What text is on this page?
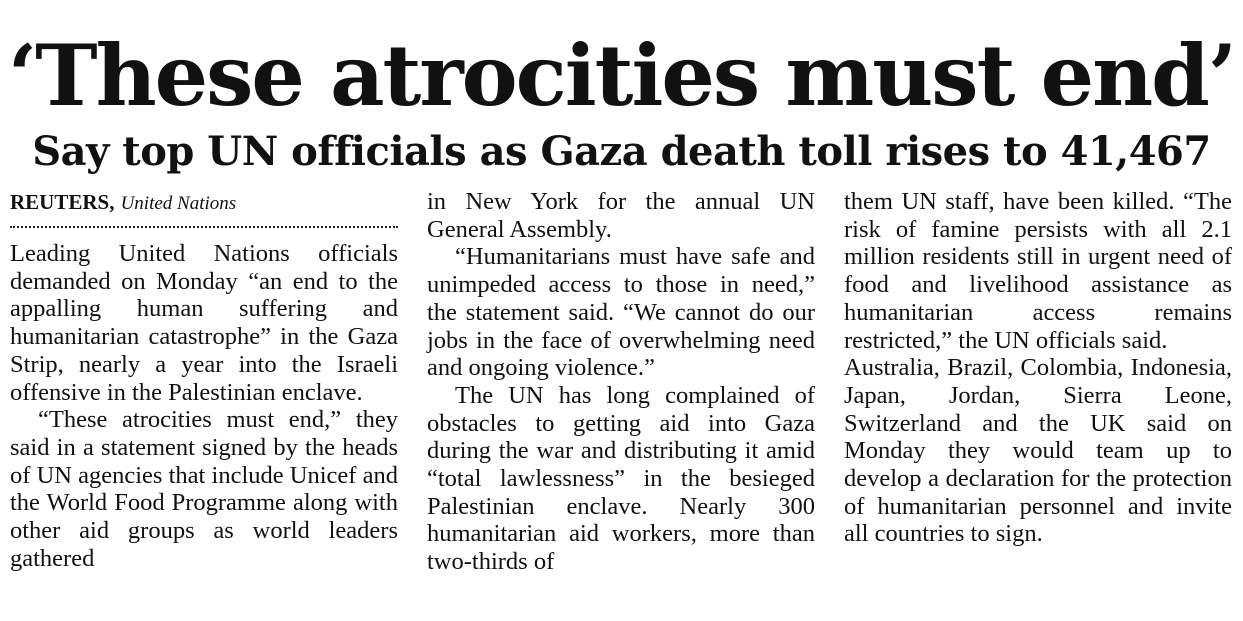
‘These atrocities must end’
Say top UN officials as Gaza death toll rises to 41,467
REUTERS, United Nations

Leading United Nations officials demanded on Monday “an end to the appalling human suffering and humanitarian catastrophe” in the Gaza Strip, nearly a year into the Israeli offensive in the Palestinian enclave.

“These atrocities must end,” they said in a statement signed by the heads of UN agencies that include Unicef and the World Food Programme along with other aid groups as world leaders gathered

in New York for the annual UN General Assembly.

“Humanitarians must have safe and unimpeded access to those in need,” the statement said. “We cannot do our jobs in the face of overwhelming need and ongoing violence.”

The UN has long complained of obstacles to getting aid into Gaza during the war and distributing it amid “total lawlessness” in the besieged Palestinian enclave. Nearly 300 humanitarian aid workers, more than two-thirds of

them UN staff, have been killed. “The risk of famine persists with all 2.1 million residents still in urgent need of food and livelihood assistance as humanitarian access remains restricted,” the UN officials said.

Australia, Brazil, Colombia, Indonesia, Japan, Jordan, Sierra Leone, Switzerland and the UK said on Monday they would team up to develop a declaration for the protection of humanitarian personnel and invite all countries to sign.
